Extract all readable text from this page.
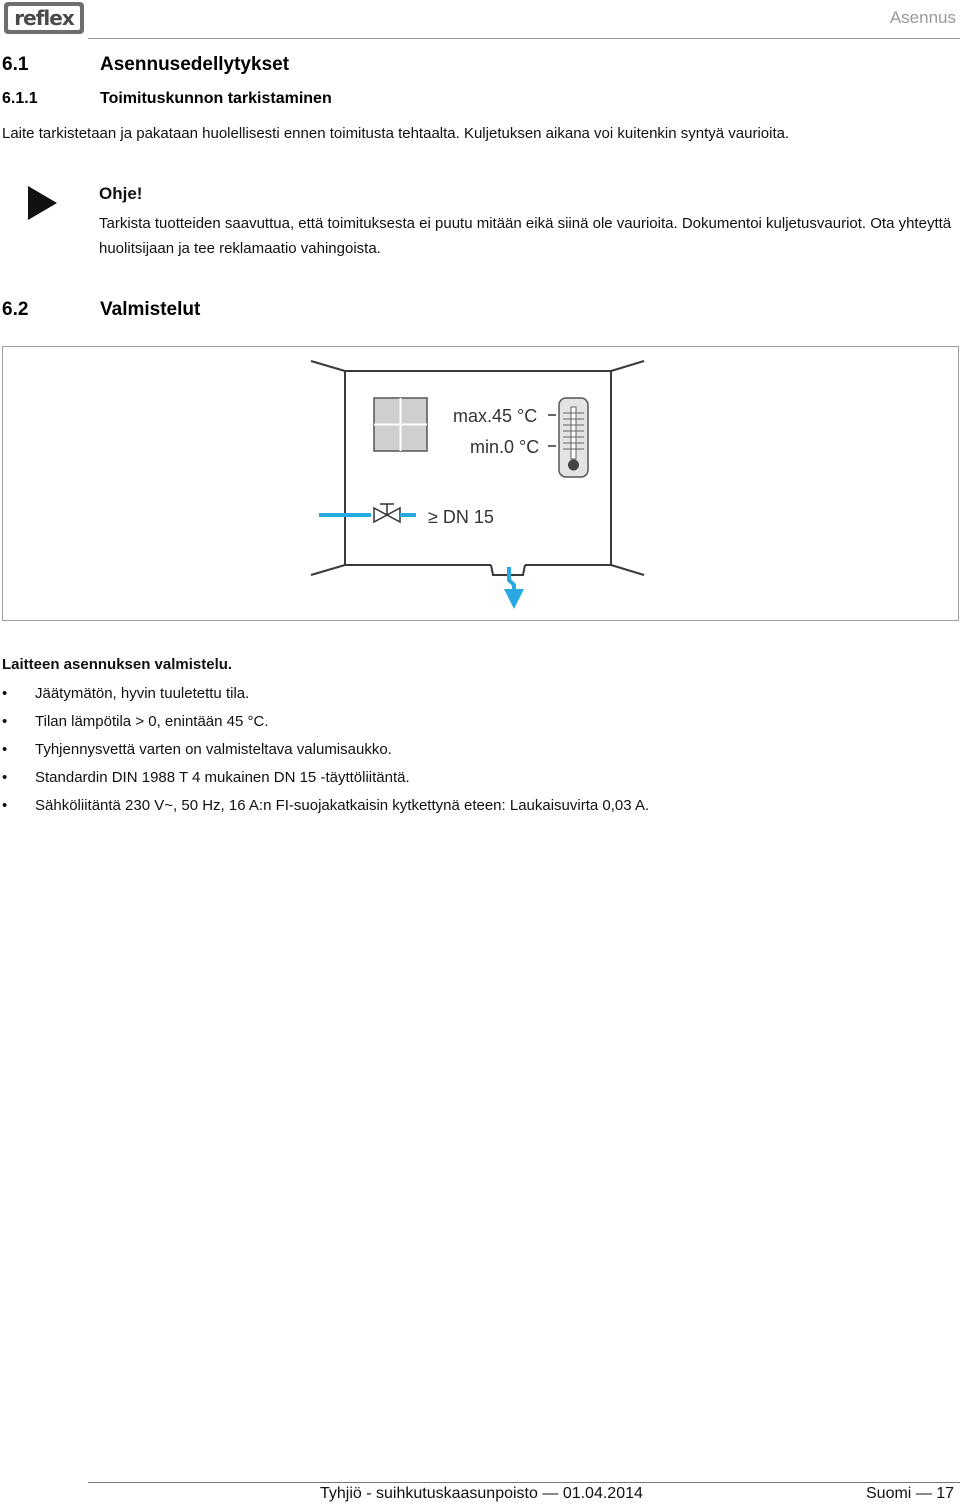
reflex	Asennus
6.1	Asennusedellytykset
6.1.1	Toimituskunnon tarkistaminen
Laite tarkistetaan ja pakataan huolellisesti ennen toimitusta tehtaalta. Kuljetuksen aikana voi kuitenkin syntyä vaurioita.
Ohje!
Tarkista tuotteiden saavuttua, että toimituksesta ei puutu mitään eikä siinä ole vaurioita. Dokumentoi kuljetusvauriot. Ota yhteyttä huolitsijaan ja tee reklamaatio vahingoista.
6.2	Valmistelut
max.45 °C
min.0 °C
≥ DN 15
Laitteen asennuksen valmistelu.
• Jäätymätön, hyvin tuuletettu tila.
• Tilan lämpötila > 0, enintään 45 °C.
• Tyhjennysvettä varten on valmisteltava valumisaukko.
• Standardin DIN 1988 T 4 mukainen DN 15 -täyttöliitäntä.
• Sähköliitäntä 230 V~, 50 Hz, 16 A:n FI-suojakatkaisin kytkettynä eteen: Laukaisuvirta 0,03 A.
Tyhjiö - suihkutuskaasunpoisto — 01.04.2014	Suomi — 17
